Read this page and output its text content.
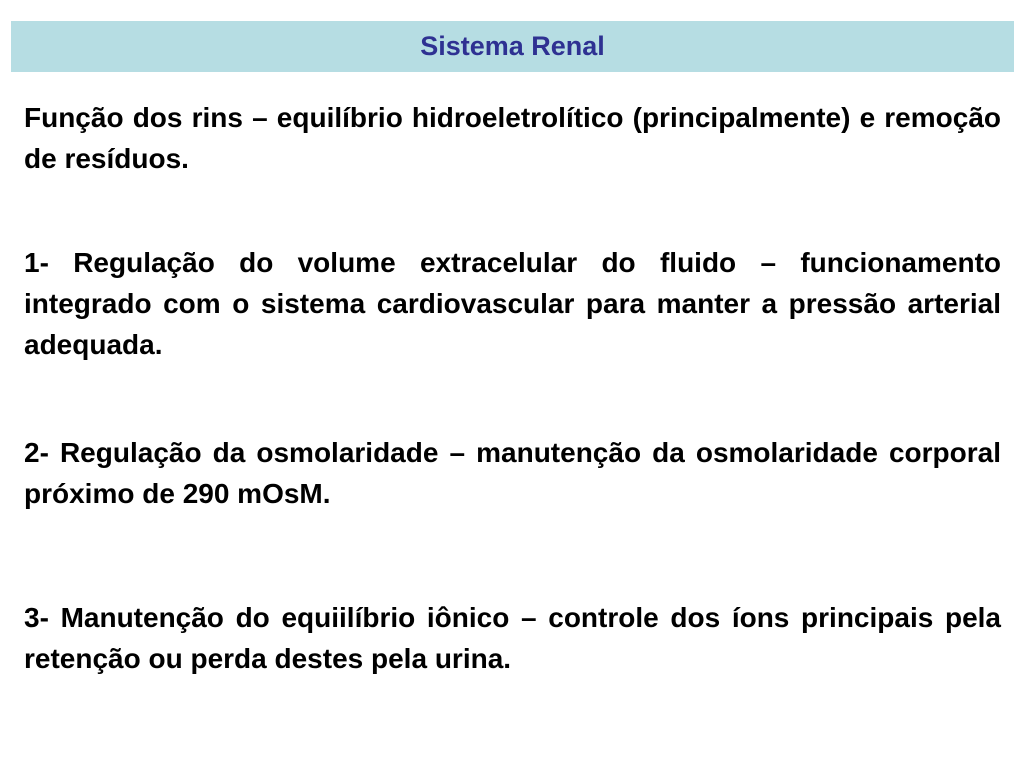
Sistema Renal

Função dos rins – equilíbrio hidroeletrolítico (principalmente) e remoção de resíduos.

1- Regulação do volume extracelular do fluido – funcionamento integrado com o sistema cardiovascular para manter a pressão arterial adequada.

2- Regulação da osmolaridade – manutenção da osmolaridade corporal próximo de 290 mOsM.

3- Manutenção do equiilíbrio iônico – controle dos íons principais pela retenção ou perda destes pela urina.
